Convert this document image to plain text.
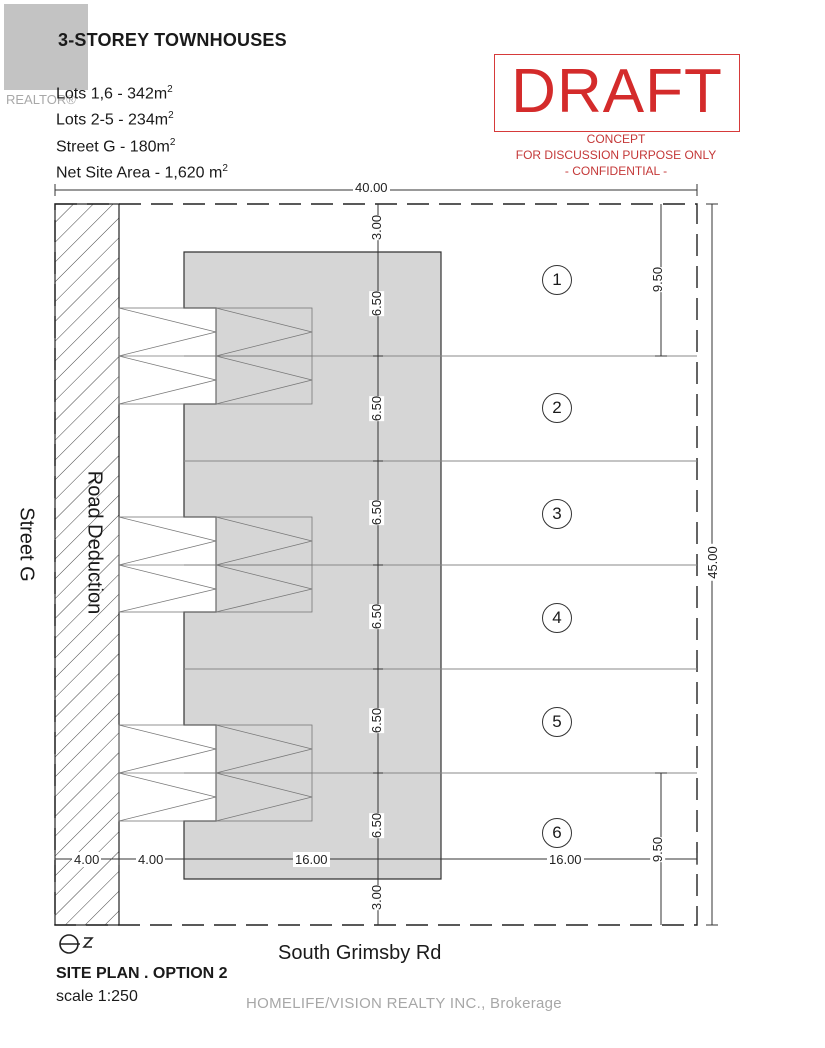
REALTOR®
3-STOREY TOWNHOUSES
Lots $1,6 - 342m^2$
Lots $2-5 - 234m^2$
Street G - $180m^2$
Net Site Area - 1,620 $m^2$
DRAFT
CONCEPT
FOR DISCUSSION PURPOSE ONLY
- CONFIDENTIAL -
40.00
45.00
3.00
6.50
6.50
6.50
6.50
6.50
6.50
3.00
9.50
9.50
4.00	4.00	16.00	16.00
1
2
3
4
5
6
Street G Road Deduction
South Grimsby Rd
SITE PLAN . OPTION 2
scale 1:250	HOMELIFE/VISION REALTY INC., Brokerage
